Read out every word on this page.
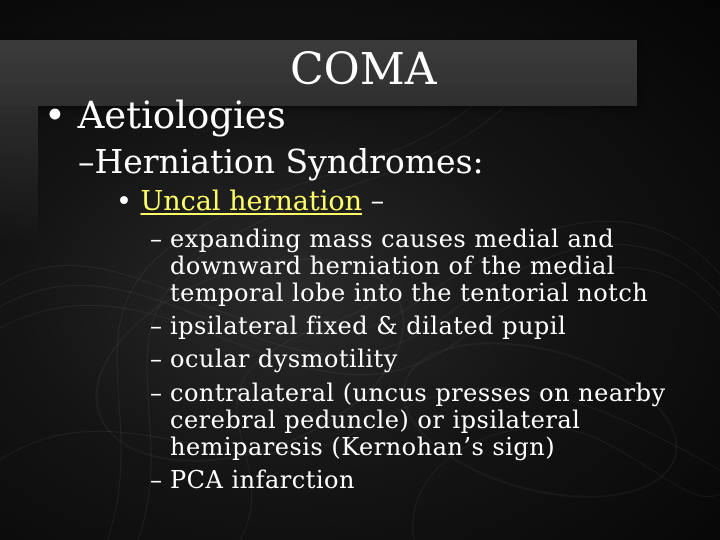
COMA
• Aetiologies
–Herniation Syndromes:
• Uncal hernation –
– expanding mass causes medial and
downward herniation of the medial
temporal lobe into the tentorial notch
– ipsilateral fixed & dilated pupil
– ocular dysmotility
– contralateral (uncus presses on nearby
cerebral peduncle) or ipsilateral
hemiparesis (Kernohan’s sign)
– PCA infarction
